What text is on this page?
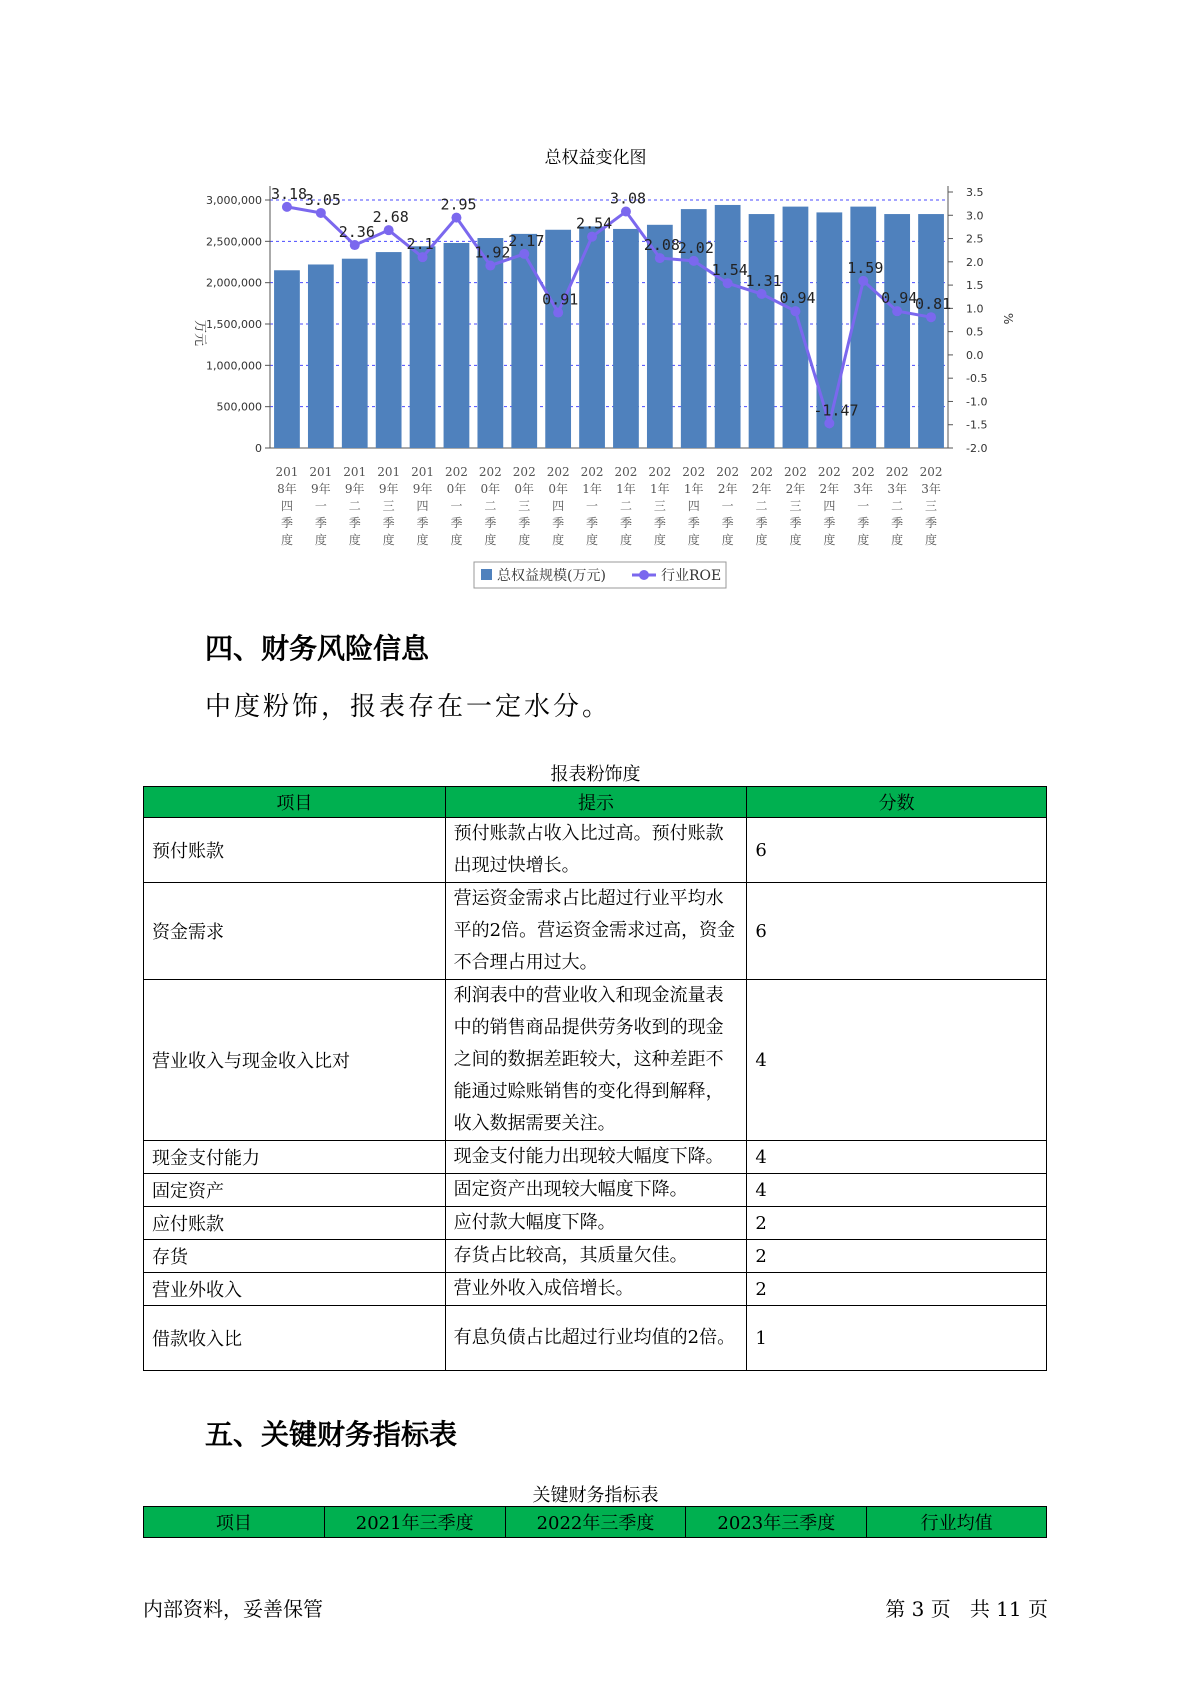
总权益变化图
0
500,000
1,000,000
1,500,000
2,000,000
2,500,000
3,000,000
-2.0
-1.5
-1.0
-0.5
0.0
0.5
1.0
1.5
2.0
2.5
3.0
3.5
万元
%
201
8年
四
季
度
201
9年
一
季
度
201
9年
二
季
度
201
9年
三
季
度
201
9年
四
季
度
202
0年
一
季
度
202
0年
二
季
度
202
0年
三
季
度
202
0年
四
季
度
202
1年
一
季
度
202
1年
二
季
度
202
1年
三
季
度
202
1年
四
季
度
202
2年
一
季
度
202
2年
二
季
度
202
2年
三
季
度
202
2年
四
季
度
202
3年
一
季
度
202
3年
二
季
度
202
3年
三
季
度
3.18
3.05
2.36
2.68
2.1
2.95
1.92
2.17
0.91
2.54
3.08
2.08
2.02
1.54
1.31
0.94
-1.47
1.59
0.94
0.81
总权益规模(万元)	行业ROE
四、财务风险信息

中度粉饰，报表存在一定水分。

报表粉饰度
项目	提示	分数
预付账款	预付账款占收入比过高。预付账款出现过快增长。	6
资金需求	营运资金需求占比超过行业平均水平的2倍。营运资金需求过高，资金不合理占用过大。	6
营业收入与现金收入比对	利润表中的营业收入和现金流量表中的销售商品提供劳务收到的现金之间的数据差距较大，这种差距不能通过赊账销售的变化得到解释，收入数据需要关注。	4
现金支付能力	现金支付能力出现较大幅度下降。	4
固定资产	固定资产出现较大幅度下降。	4
应付账款	应付款大幅度下降。	2
存货	存货占比较高，其质量欠佳。	2
营业外收入	营业外收入成倍增长。	2
借款收入比	有息负债占比超过行业均值的2倍。	1
五、关键财务指标表
关键财务指标表
项目	2021年三季度	2022年三季度	2023年三季度	行业均值
内部资料，妥善保管	第 3 页   共 11 页
